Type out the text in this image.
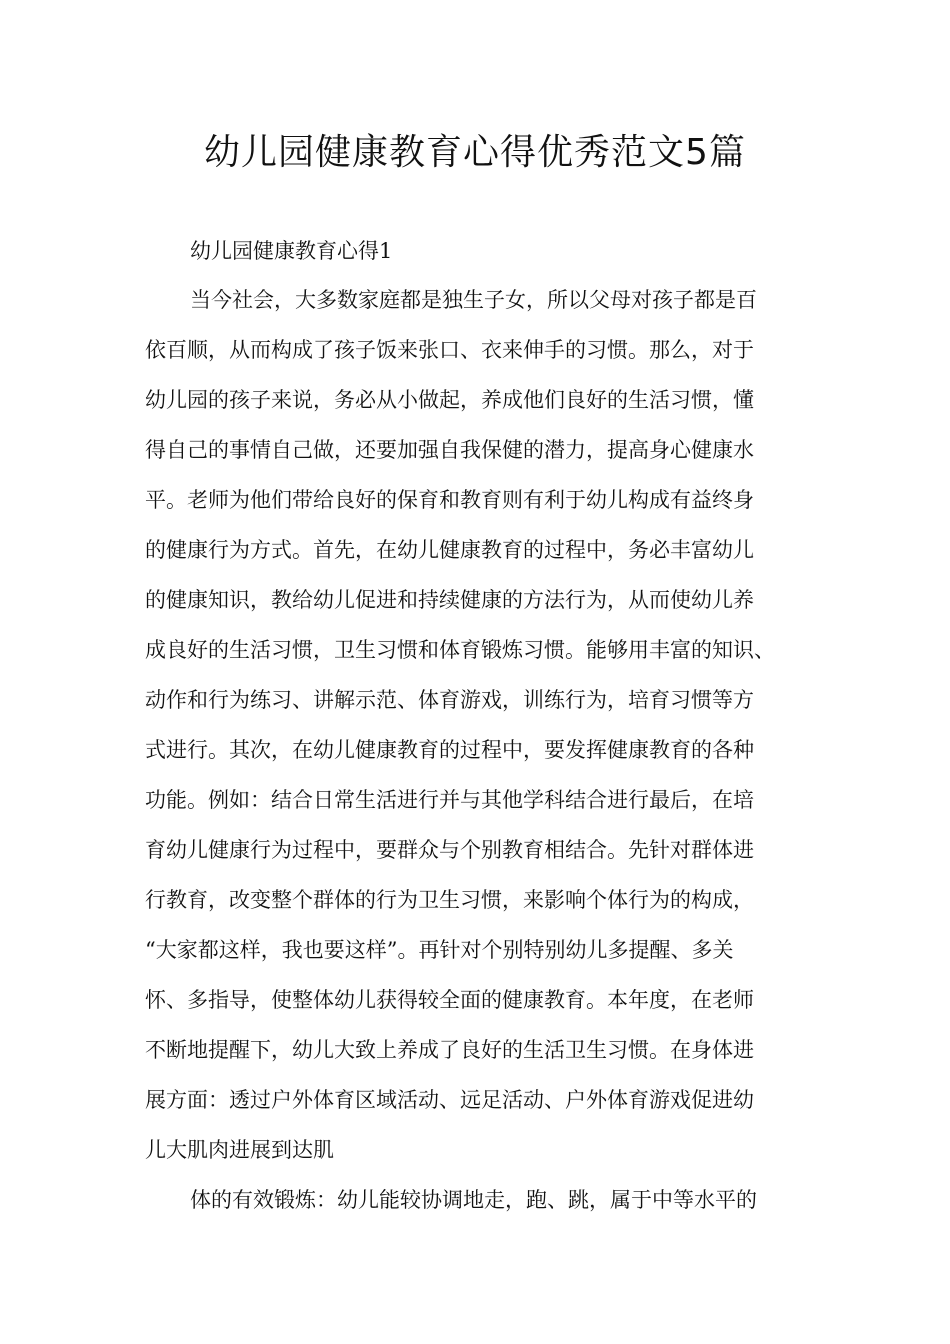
幼儿园健康教育心得优秀范文5篇
幼儿园健康教育心得1
当今社会，大多数家庭都是独生子女，所以父母对孩子都是百
依百顺，从而构成了孩子饭来张口、衣来伸手的习惯。那么，对于
幼儿园的孩子来说，务必从小做起，养成他们良好的生活习惯，懂
得自己的事情自己做，还要加强自我保健的潜力，提高身心健康水
平。老师为他们带给良好的保育和教育则有利于幼儿构成有益终身
的健康行为方式。首先，在幼儿健康教育的过程中，务必丰富幼儿
的健康知识，教给幼儿促进和持续健康的方法行为，从而使幼儿养
成良好的生活习惯，卫生习惯和体育锻炼习惯。能够用丰富的知识、
动作和行为练习、讲解示范、体育游戏，训练行为，培育习惯等方
式进行。其次，在幼儿健康教育的过程中，要发挥健康教育的各种
功能。例如：结合日常生活进行并与其他学科结合进行最后，在培
育幼儿健康行为过程中，要群众与个别教育相结合。先针对群体进
行教育，改变整个群体的行为卫生习惯，来影响个体行为的构成，
“大家都这样，我也要这样”。再针对个别特别幼儿多提醒、多关
怀、多指导，使整体幼儿获得较全面的健康教育。本年度，在老师
不断地提醒下，幼儿大致上养成了良好的生活卫生习惯。在身体进
展方面：透过户外体育区域活动、远足活动、户外体育游戏促进幼
儿大肌肉进展到达肌
体的有效锻炼：幼儿能较协调地走，跑、跳，属于中等水平的
